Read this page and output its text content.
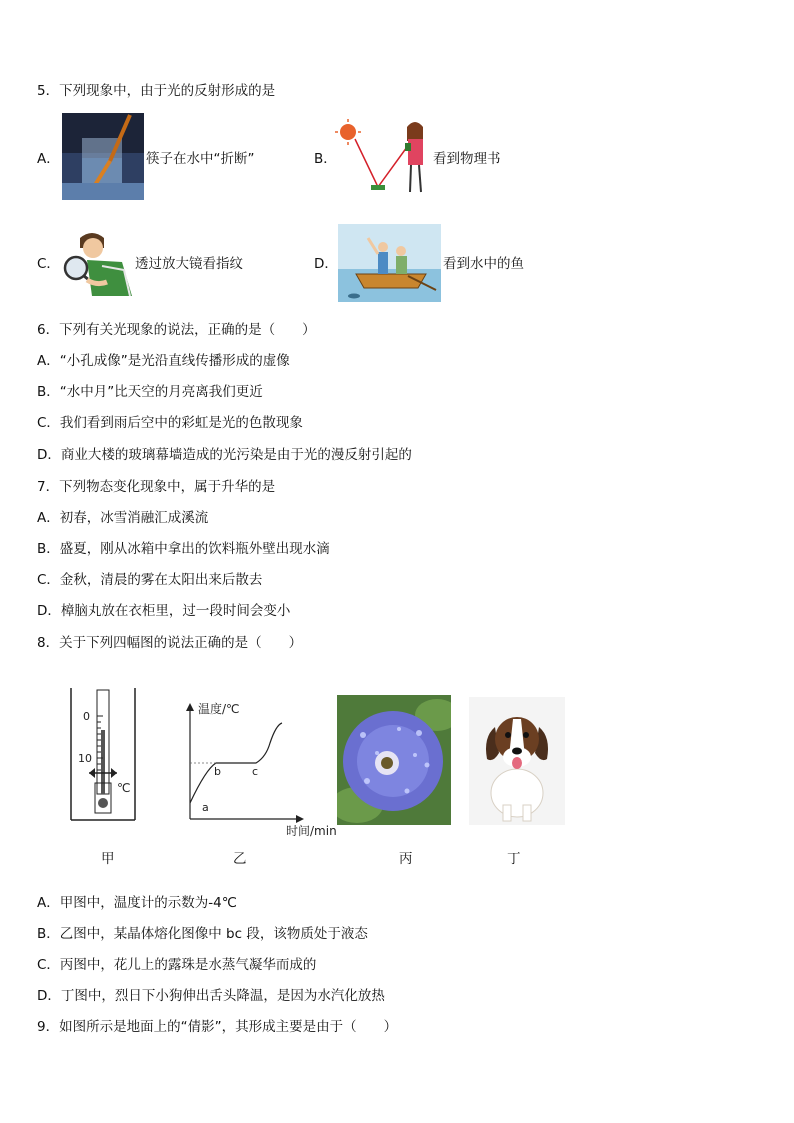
5．下列现象中，由于光的反射形成的是
A．	筷子在水中“折断”	B．	看到物理书
C．	透过放大镜看指纹	D．	看到水中的鱼
6．下列有关光现象的说法，正确的是（　　）
A．“小孔成像”是光沿直线传播形成的虚像
B．“水中月”比天空的月亮离我们更近
C．我们看到雨后空中的彩虹是光的色散现象
D．商业大楼的玻璃幕墙造成的光污染是由于光的漫反射引起的
7．下列物态变化现象中，属于升华的是
A．初春，冰雪消融汇成溪流
B．盛夏，刚从冰箱中拿出的饮料瓶外壁出现水滴
C．金秋，清晨的雾在太阳出来后散去
D．樟脑丸放在衣柜里，过一段时间会变小
8．关于下列四幅图的说法正确的是（　　）
0
10
℃
甲
温度/℃
时间/min
a
b	c
乙	丙	丁
A．甲图中，温度计的示数为-4℃
B．乙图中，某晶体熔化图像中 bc 段，该物质处于液态
C．丙图中，花儿上的露珠是水蒸气凝华而成的
D．丁图中，烈日下小狗伸出舌头降温，是因为水汽化放热
9．如图所示是地面上的“倩影”，其形成主要是由于（　　）
